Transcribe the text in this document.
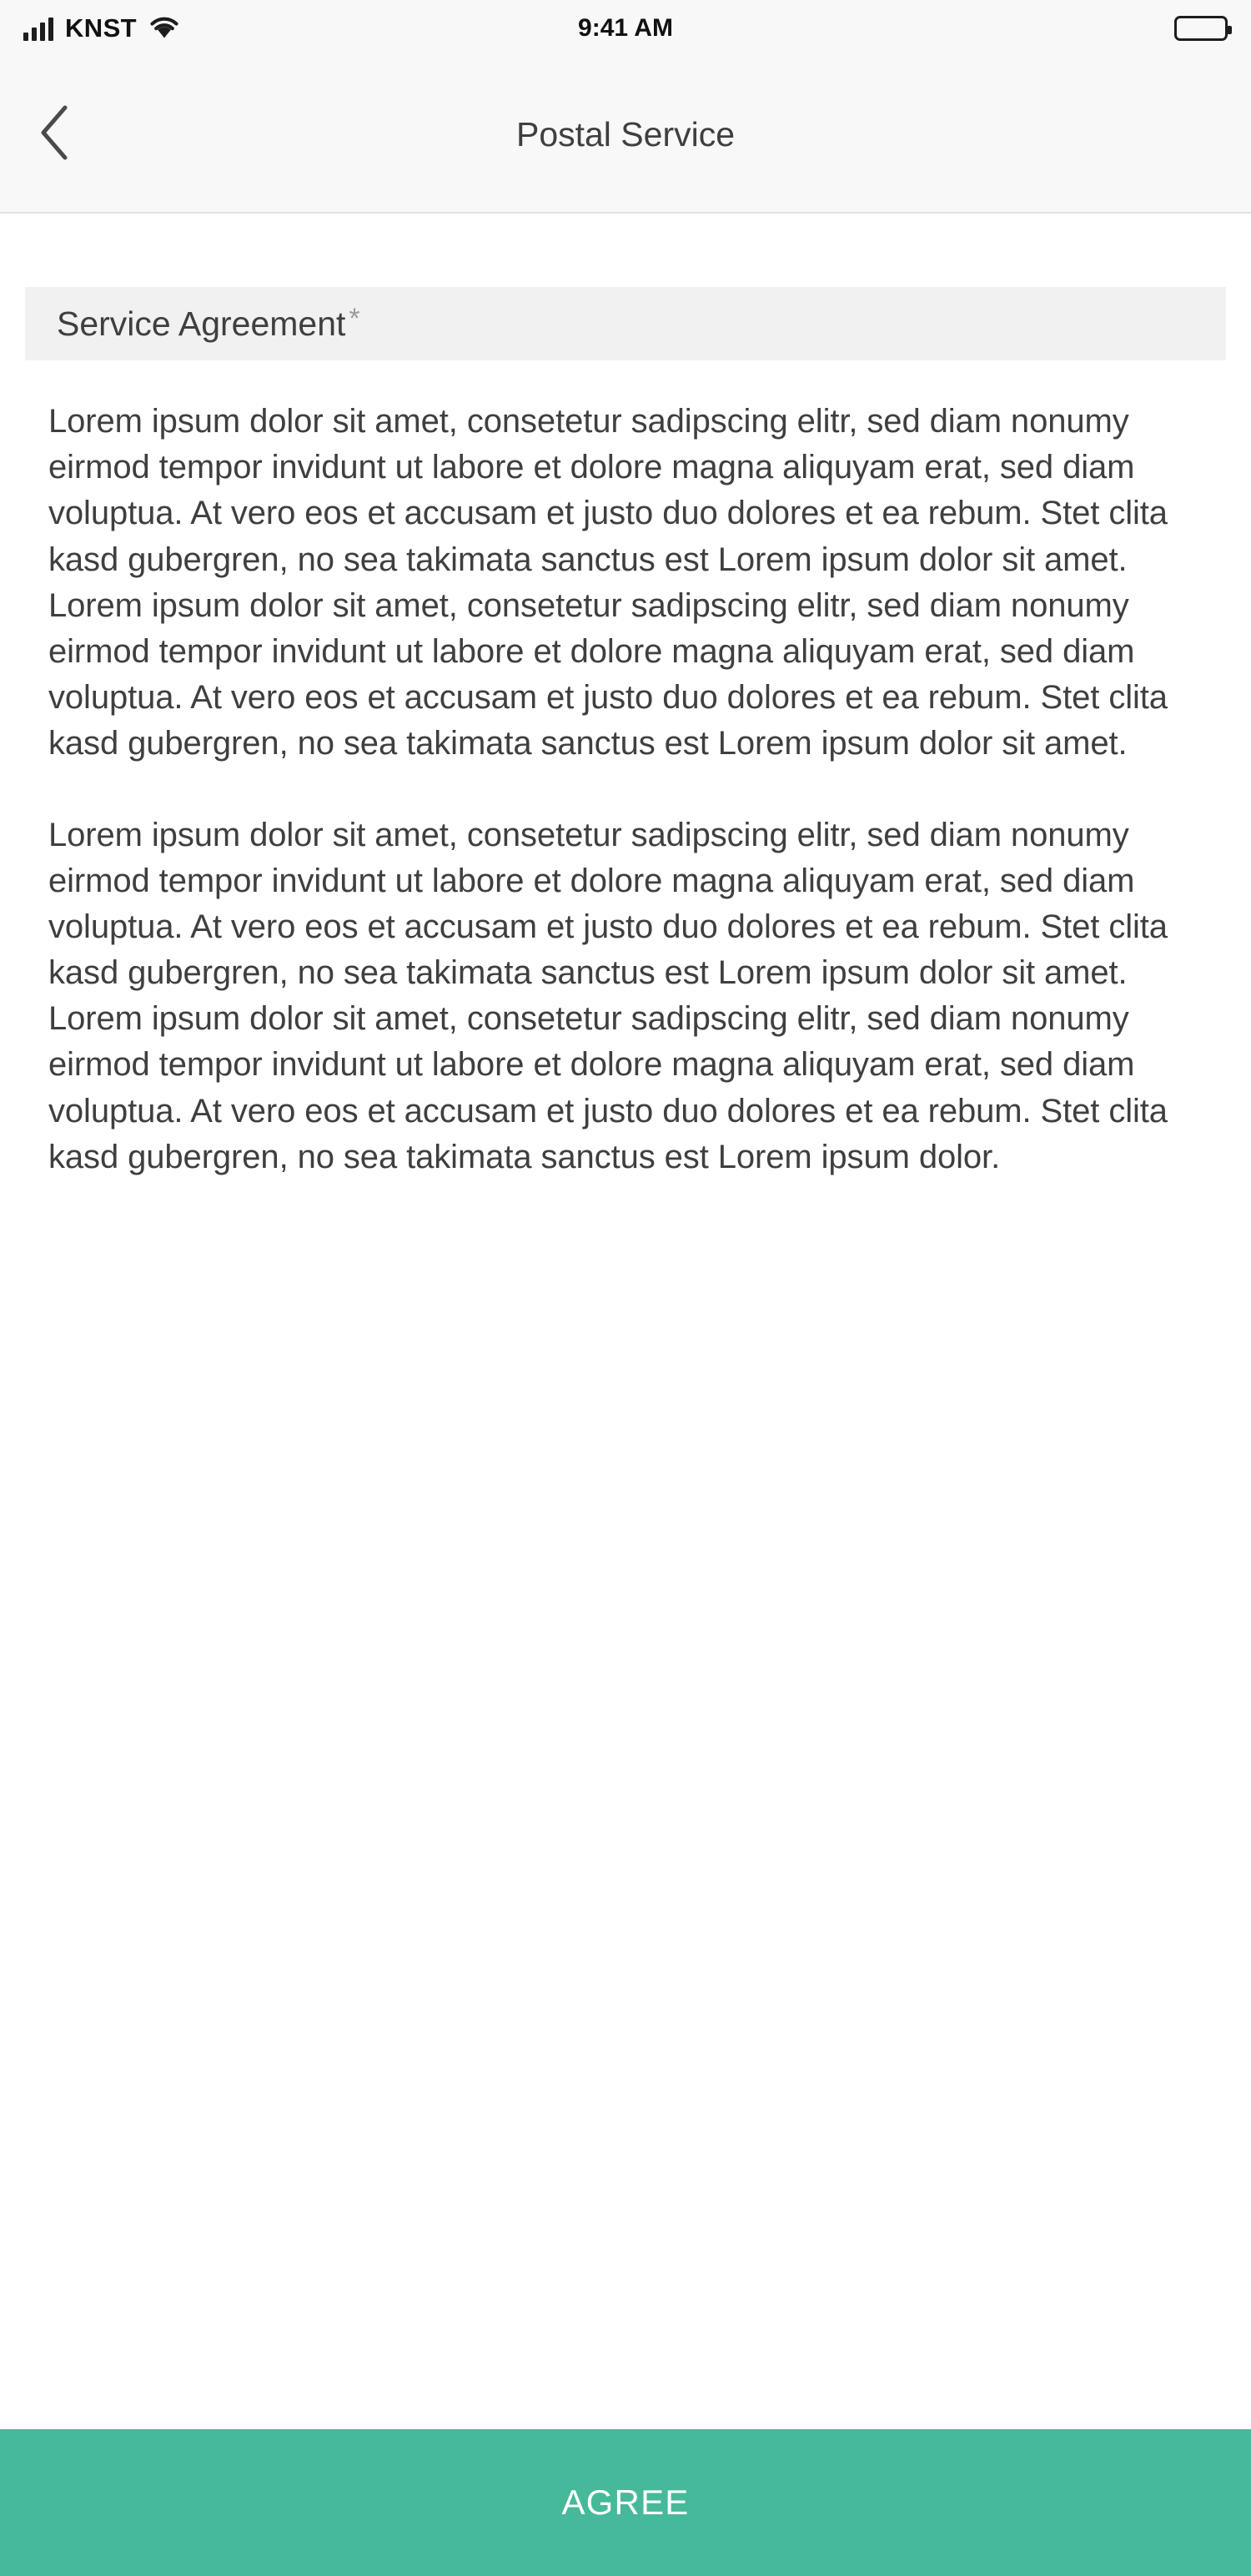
KNST	9:41 AM
Postal Service
Service Agreement *

Lorem ipsum dolor sit amet, consetetur sadipscing elitr, sed diam nonumy eirmod tempor invidunt ut labore et dolore magna aliquyam erat, sed diam voluptua. At vero eos et accusam et justo duo dolores et ea rebum. Stet clita kasd gubergren, no sea takimata sanctus est Lorem ipsum dolor sit amet. Lorem ipsum dolor sit amet, consetetur sadipscing elitr, sed diam nonumy eirmod tempor invidunt ut labore et dolore magna aliquyam erat, sed diam voluptua. At vero eos et accusam et justo duo dolores et ea rebum. Stet clita kasd gubergren, no sea takimata sanctus est Lorem ipsum dolor sit amet.

Lorem ipsum dolor sit amet, consetetur sadipscing elitr, sed diam nonumy eirmod tempor invidunt ut labore et dolore magna aliquyam erat, sed diam voluptua. At vero eos et accusam et justo duo dolores et ea rebum. Stet clita kasd gubergren, no sea takimata sanctus est Lorem ipsum dolor sit amet. Lorem ipsum dolor sit amet, consetetur sadipscing elitr, sed diam nonumy eirmod tempor invidunt ut labore et dolore magna aliquyam erat, sed diam voluptua. At vero eos et accusam et justo duo dolores et ea rebum. Stet clita kasd gubergren, no sea takimata sanctus est Lorem ipsum dolor.

AGREE
